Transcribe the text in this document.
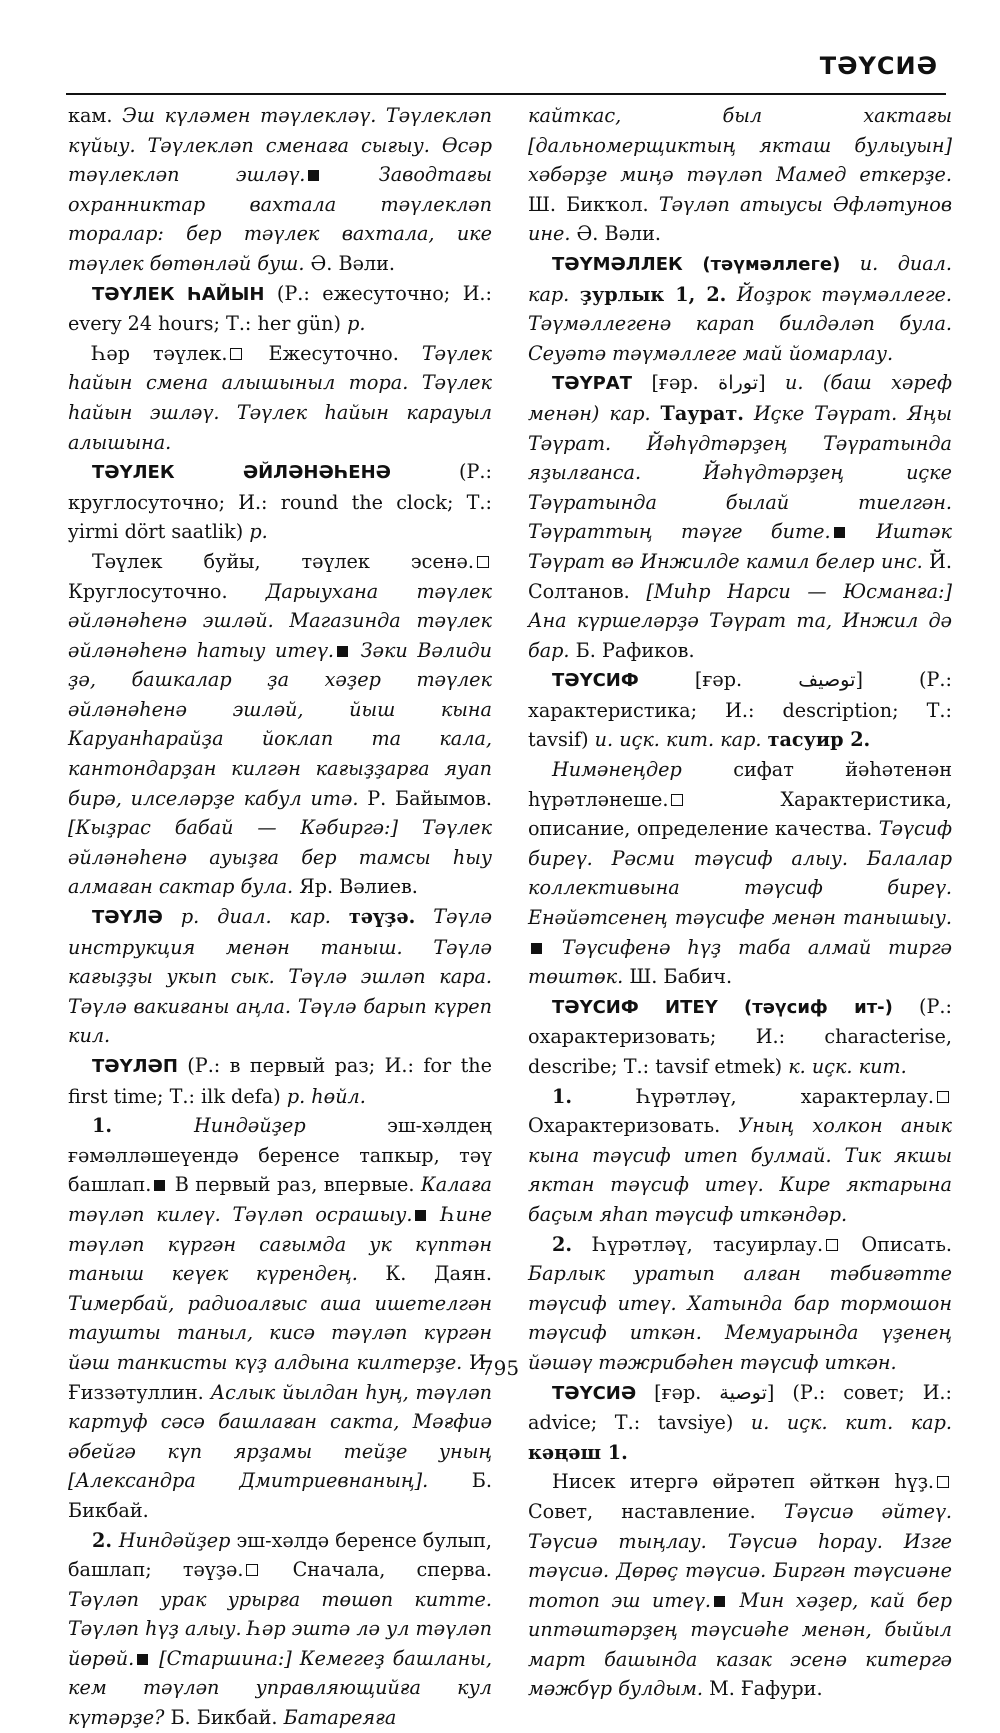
ТӘҮСИӘ

кам. Эш күләмен тәүлекләү. Тәүлекләп күйыу. Тәүлекләп сменаға сығыу. Өсәр тәүлекләп эшләү.	Заводтағы охранниктар вахтала тәүлекләп торалар: бер тәүлек вахтала, ике тәүлек бөтөнләй буш. Ә. Вәли.

ТӘҮЛЕК ҺАЙЫН (Р.: ежесуточно; И.: every 24 hours; Т.: her gün) р.

Һәр тәүлек. Ежесуточно. Тәүлек һайын смена алышыныл тора. Тәүлек һайын эшләү. Тәүлек һайын карауыл алышына.

ТӘҮЛЕК ӘЙЛӘНӘҺЕНӘ (Р.: круглосуточно; И.: round the clock; Т.: yirmi dört saatlik) р.

Тәүлек буйы, тәүлек эсенә. Круглосуточно. Дарыухана тәүлек әйләнәһенә эшләй. Магазинда тәүлек әйләнәһенә һатыу итеү. Зәки Вәлиди ҙә, башкалар ҙа хәҙер тәүлек әйләнәһенә эшләй, йыш кына Каруанһарайҙа йоклап та кала, кантондарҙан килгән кағыҙҙарға яуап бирә, илселәрҙе кабул итә. Р. Байымов. [Кыҙрас бабай — Кәбиргә:] Тәүлек әйләнәһенә ауыҙға бер тамсы һыу алмаған сактар була. Яр. Вәлиев.

ТӘҮЛӘ р. диал. кар. тәүҙә. Тәүлә инструкция менән таныш. Тәүлә кағыҙҙы укып сык. Тәүлә эшләп кара. Тәүлә вакиғаны аңла. Тәүлә барып күреп кил.

ТӘҮЛӘП (Р.: в первый раз; И.: for the first time; Т.: ilk defa) р. һөйл.

1. Ниндәйҙер эш-хәлдең ғәмәлләшеүендә беренсе тапкыр, тәү башлап. В первый раз, впервые. Калаға тәүләп килеү. Тәүләп осрашыу. Һине тәүләп күргән сағымда ук күптән таныш кеүек күрендең. К. Даян. Тимербай, радиоалғыс аша ишетелгән таушты таныл, кисә тәүләп күргән йәш танкисты күҙ алдына килтерҙе. И. Ғиззәтуллин. Аслык йылдан һуң, тәүләп картуф сәсә башлаған сакта, Мәғфиә әбейгә күп ярҙамы тейҙе уның [Александра Дмитриевнаның]. Б. Бикбай.

2. Ниндәйҙер эш-хәлдә беренсе булып, башлап; тәүҙә.	Сначала, сперва. Тәүләп урак урырға төшөп китте. Тәүләп һүҙ алыу. Һәр эштә лә ул тәүләп йөрөй. [Старшина:] Кемегеҙ башланы, кем тәүләп управляющийға кул күтәрҙе? Б. Бикбай. Батареяға

кайткас, был хактағы [дальномерщиктың якташ булыуын] хәбәрҙе миңә тәүләп Мамед еткерҙе. Ш. Бикҡол. Тәүләп атыусы Әфләтунов ине. Ә. Вәли.

ТӘҮМӘЛЛЕК (тәүмәллеге) и. диал. кар. ҙурлык 1, 2. Йоҙрок тәүмәллеге. Тәүмәллегенә карап билдәләп була. Сеуәтә тәүмәллеге май йомарлау.

ТӘҮРАТ [ғәр. توراة] и. (баш хәреф менән) кар. Таурат. Иҫке Тәүрат. Яңы Тәүрат. Йәһүдтәрҙең Тәүратында яҙылғанса. Йәһүдтәрҙең иҫке Тәүратында былай тиелгән. Тәүраттың тәүге бите. Иштәк Тәүрат вә Инжилде камил белер инс. Й. Солтанов. [Миһр Нарси — Юсманға:] Ана күршеләрҙә Тәүрат та, Инжил дә бар. Б. Рафиков.

ТӘҮСИФ [ғәр. توصيف] (Р.: характеристика; И.: description; Т.: tavsif) и. иҫк. кит. кар. тасуир 2.

Нимәнеңдер сифат йәһәтенән һүрәтләнеше.	Характеристика, описание, определение качества. Тәүсиф биреү. Рәсми тәүсиф алыу. Балалар коллективына тәүсиф биреү. Енәйәтсенең тәүсифе менән танышыу. Тәүсифенә һүҙ таба алмай тиргә төштөк. Ш. Бабич.

ТӘҮСИФ ИТЕҮ (тәүсиф ит-) (Р.: охарактеризовать; И.: characterise, describe; Т.: tavsif etmek) к. иҫк. кит.

1. Һүрәтләү, характерлау. Охарактеризовать. Уның холкон анык кына тәүсиф итеп булмай. Тик якшы яктан тәүсиф итеү. Кире яктарына баҫым яһап тәүсиф иткәндәр.

2. Һүрәтләү, тасуирлау. Описать. Барлык уратып алған тәбиғәтте тәүсиф итеү. Хатында бар тормошон тәүсиф иткән. Мемуарында үҙенең йәшәү тәжрибәһен тәүсиф иткән.

ТӘҮСИӘ [ғәр. توصية] (Р.: совет; И.: advice; Т.: tavsiye) и. иҫк. кит. кар. кәңәш 1.

Нисек итергә өйрәтеп әйткән һүҙ. Совет, наставление. Тәүсиә әйтеү. Тәүсиә тыңлау. Тәүсиә һорау. Изге тәүсиә. Дөрөҫ тәүсиә. Биргән тәүсиәне тотоп эш итеү. Мин хәҙер, кай бер иптәштәрҙең тәүсиәһе менән, быйыл март башында казак эсенә китергә мәжбүр булдым. М. Ғафури.

795
